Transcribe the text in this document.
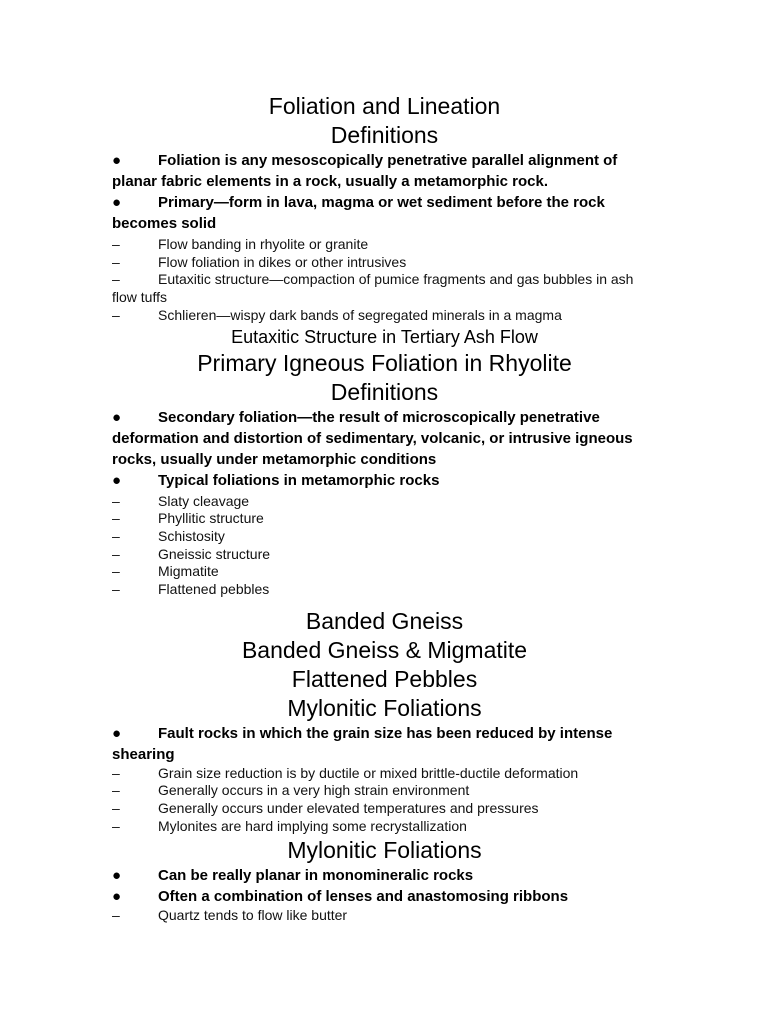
Foliation and Lineation

Definitions

● Foliation is any mesoscopically penetrative parallel alignment of planar fabric elements in a rock, usually a metamorphic rock.

● Primary—form in lava, magma or wet sediment before the rock becomes solid

–	Flow banding in rhyolite or granite

–	Flow foliation in dikes or other intrusives

–	Eutaxitic structure—compaction of pumice fragments and gas bubbles in ash flow tuffs

–	Schlieren—wispy dark bands of segregated minerals in a magma

Eutaxitic Structure in Tertiary Ash Flow

Primary Igneous Foliation in Rhyolite

Definitions

● Secondary foliation—the result of microscopically penetrative deformation and distortion of sedimentary, volcanic, or intrusive igneous rocks, usually under metamorphic conditions

● Typical foliations in metamorphic rocks

–	Slaty cleavage

–	Phyllitic structure

–	Schistosity

–	Gneissic structure

–	Migmatite

–	Flattened pebbles

Banded Gneiss

Banded Gneiss & Migmatite

Flattened Pebbles

Mylonitic Foliations

● Fault rocks in which the grain size has been reduced by intense shearing

–	Grain size reduction is by ductile or mixed brittle-ductile deformation

–	Generally occurs in a very high strain environment

–	Generally occurs under elevated temperatures and pressures

–	Mylonites are hard implying some recrystallization

Mylonitic Foliations

● Can be really planar in monomineralic rocks

● Often a combination of lenses and anastomosing ribbons

–	Quartz tends to flow like butter
